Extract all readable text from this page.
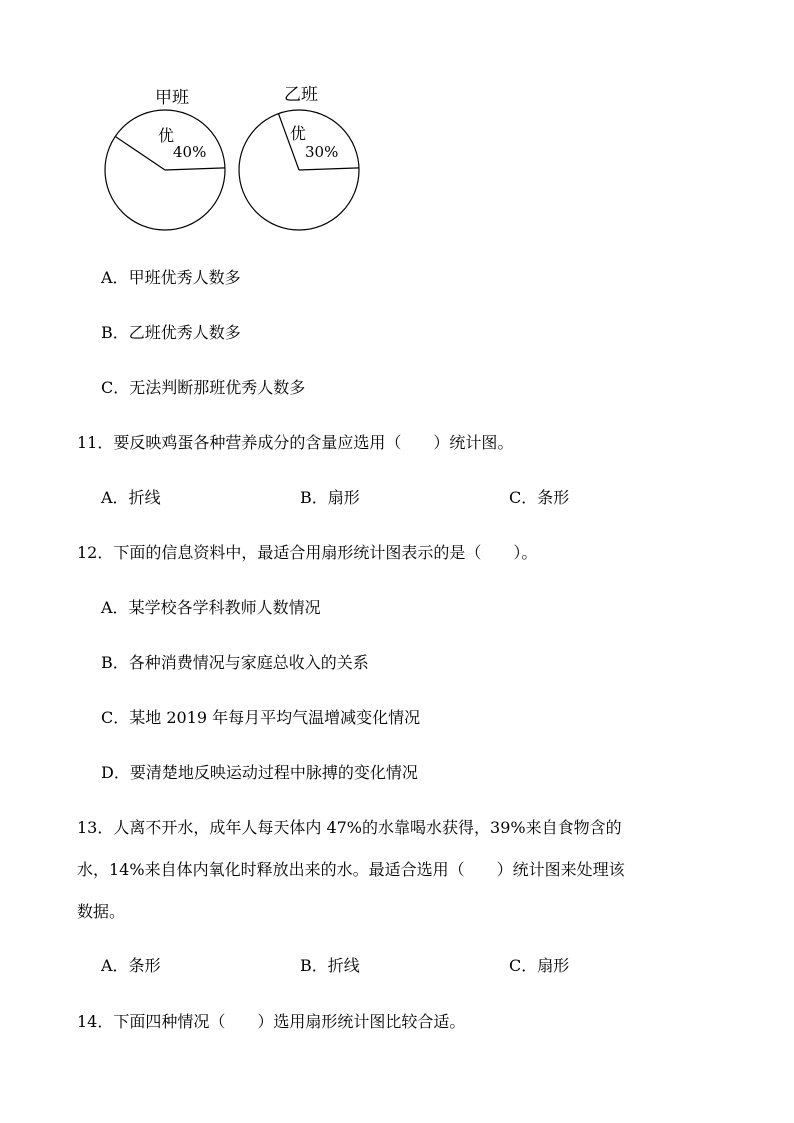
甲班
优
40%
乙班
优
30%
A．甲班优秀人数多
B．乙班优秀人数多
C．无法判断那班优秀人数多
11．要反映鸡蛋各种营养成分的含量应选用（　　）统计图。
A．折线	B．扇形	C．条形
12．下面的信息资料中，最适合用扇形统计图表示的是（　　）。
A．某学校各学科教师人数情况
B．各种消费情况与家庭总收入的关系
C．某地 2019 年每月平均气温增减变化情况
D．要清楚地反映运动过程中脉搏的变化情况
13．人离不开水，成年人每天体内 47%的水靠喝水获得，39%来自食物含的
水，14%来自体内氧化时释放出来的水。最适合选用（　　）统计图来处理该
数据。
A．条形	B．折线	C．扇形
14．下面四种情况（　　）选用扇形统计图比较合适。
